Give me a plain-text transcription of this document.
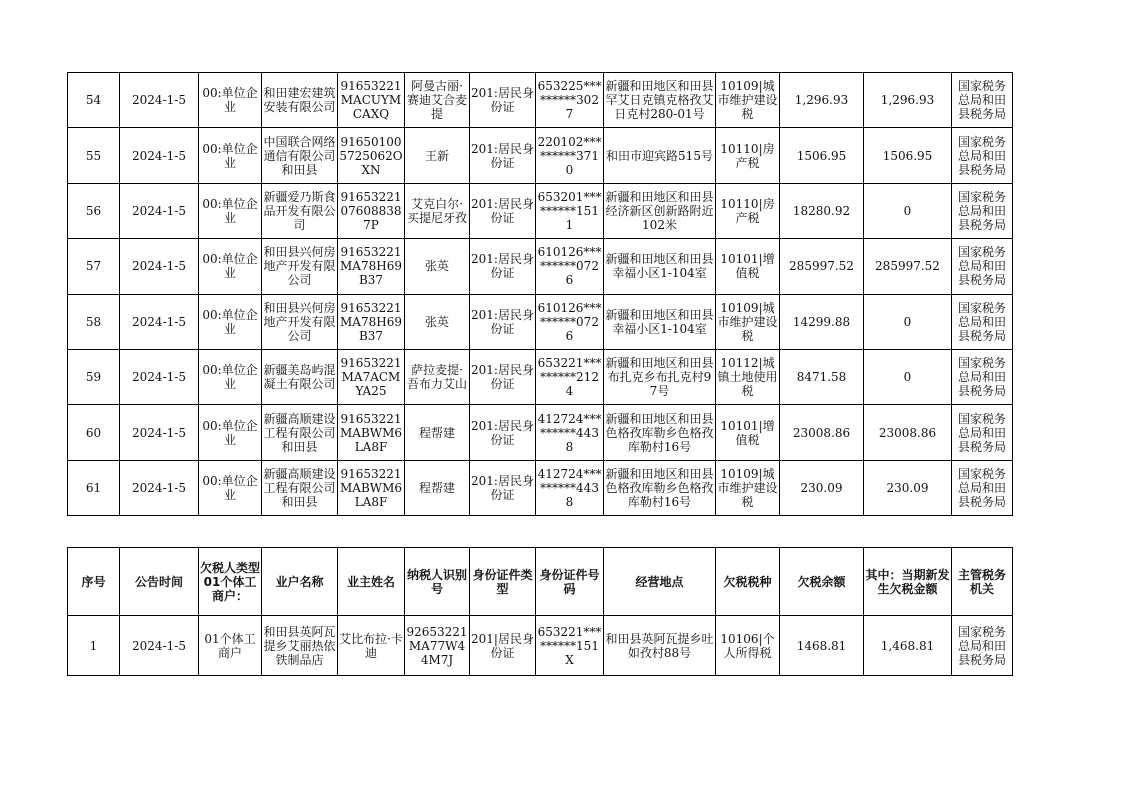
54	2024-1-5	00:单位企业	和田建宏建筑安装有限公司	91653221MACUYMCAXQ	阿曼古丽·赛迪艾合麦提	201:居民身份证	653225*********3027	新疆和田地区和田县罕艾日克镇克格孜艾日克村280-01号	10109|城市维护建设税	1,296.93	1,296.93	国家税务总局和田县税务局

55	2024-1-5	00:单位企业	中国联合网络通信有限公司和田县	916501005725062OXN	王新	201:居民身份证	220102*********3710	和田市迎宾路515号	10110|房产税	1506.95	1506.95	国家税务总局和田县税务局

56	2024-1-5	00:单位企业	新疆爱乃斯食品开发有限公司	91653221076088387P	艾克白尔·买提尼牙孜	201:居民身份证	653201*********1511	新疆和田地区和田县经济新区创新路附近102米	10110|房产税	18280.92	0	国家税务总局和田县税务局

57	2024-1-5	00:单位企业	和田县兴何房地产开发有限公司	91653221MA78H69B37	张英	201:居民身份证	610126*********0726	新疆和田地区和田县幸福小区1-104室	10101|增值税	285997.52	285997.52	国家税务总局和田县税务局

58	2024-1-5	00:单位企业	和田县兴何房地产开发有限公司	91653221MA78H69B37	张英	201:居民身份证	610126*********0726	新疆和田地区和田县幸福小区1-104室	10109|城市维护建设税	14299.88	0	国家税务总局和田县税务局

59	2024-1-5	00:单位企业	新疆美岛屿混凝土有限公司	91653221MA7ACMYA25	萨拉麦提·吾布力艾山	201:居民身份证	653221*********2124	新疆和田地区和田县布扎克乡布扎克村97号	10112|城镇土地使用税	8471.58	0	国家税务总局和田县税务局

60	2024-1-5	00:单位企业	新疆高顺建设工程有限公司和田县	91653221MABWM6LA8F	程帮建	201:居民身份证	412724*********4438	新疆和田地区和田县色格孜库勒乡色格孜库勒村16号	10101|增值税	23008.86	23008.86	国家税务总局和田县税务局

61	2024-1-5	00:单位企业	新疆高顺建设工程有限公司和田县	91653221MABWM6LA8F	程帮建	201:居民身份证	412724*********4438	新疆和田地区和田县色格孜库勒乡色格孜库勒村16号	10109|城市维护建设税	230.09	230.09	国家税务总局和田县税务局
序号	公告时间	欠税人类型01个体工商户：	业户名称	业主姓名	纳税人识别号	身份证件类型	身份证件号码	经营地点	欠税税种	欠税余额	其中：当期新发生欠税金额	主管税务机关

1	2024-1-5	01个体工商户	和田县英阿瓦提乡艾丽热依铁制品店	艾比布拉·卡迪	92653221MA77W44M7J	201|居民身份证	653221*********151X	和田县英阿瓦提乡吐如孜村88号	10106|个人所得税	1468.81	1,468.81	国家税务总局和田县税务局
